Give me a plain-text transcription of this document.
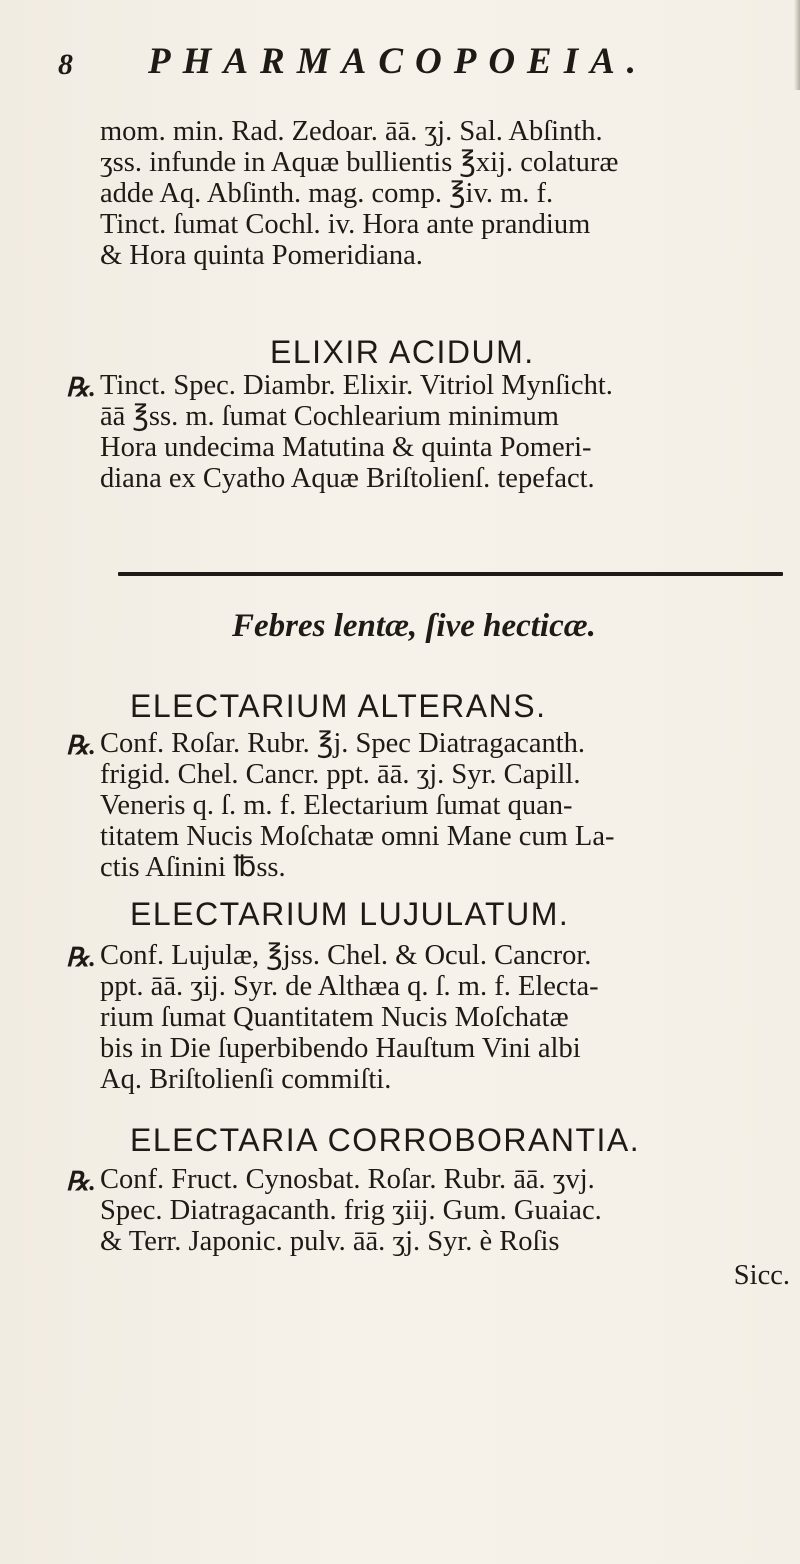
8 PHARMACOPOEIA.
mom. min. Rad. Zedoar. āā. ʒj. Sal. Abſinth.
ʒss. infunde in Aquæ bullientis ℥xij. colaturæ
adde Aq. Abſinth. mag. comp. ℥iv. m. f.
Tinct. ſumat Cochl. iv. Hora ante prandium
& Hora quinta Pomeridiana.
ELIXIR ACIDUM.
℞. Tinct. Spec. Diambr. Elixir. Vitriol Mynſicht.
āā ℥ss. m. ſumat Cochlearium minimum
Hora undecima Matutina & quinta Pomeri-
diana ex Cyatho Aquæ Briſtolienſ. tepefact.
Febres lentæ, ſive hecticæ.
ELECTARIUM ALTERANS.
℞. Conf. Roſar. Rubr. ℥j. Spec Diatragacanth.
frigid. Chel. Cancr. ppt. āā. ʒj. Syr. Capill.
Veneris q. ſ. m. f. Electarium ſumat quan-
titatem Nucis Moſchatæ omni Mane cum La-
ctis Aſinini ℔ss.
ELECTARIUM LUJULATUM.
℞. Conf. Lujulæ, ℥jss. Chel. & Ocul. Cancror.
ppt. āā. ʒij. Syr. de Althæa q. ſ. m. f. Electa-
rium ſumat Quantitatem Nucis Moſchatæ
bis in Die ſuperbibendo Hauſtum Vini albi
Aq. Briſtolienſi commiſti.
ELECTARIA CORROBORANTIA.
℞. Conf. Fruct. Cynosbat. Roſar. Rubr. āā. ʒvj.
Spec. Diatragacanth. frig ʒiij. Gum. Guaiac.
& Terr. Japonic. pulv. āā. ʒj. Syr. è Roſis
Sicc.
